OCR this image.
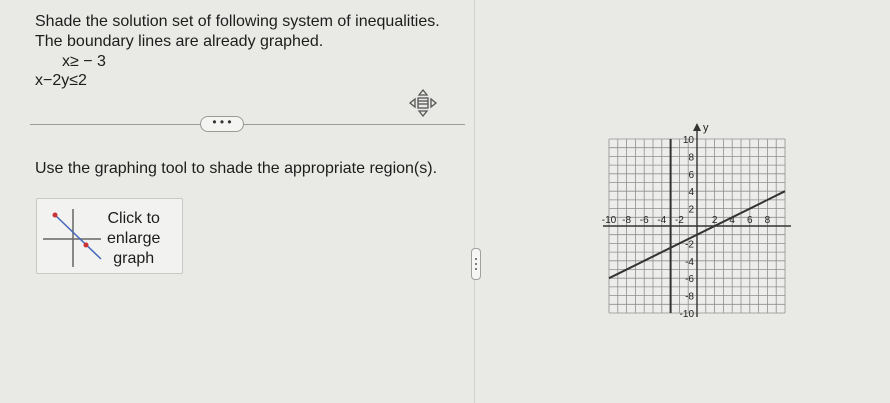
Shade the solution set of following system of inequalities.
The boundary lines are already graphed.
x≥ − 3
x−2y≤2
• • •
Use the graphing tool to shade the appropriate region(s).
Click to
enlarge
graph
y
-10 -8 -6 -4 -2	2 4 6 8
10
8
6
4
2
-2
-4
-6
-8
-10
